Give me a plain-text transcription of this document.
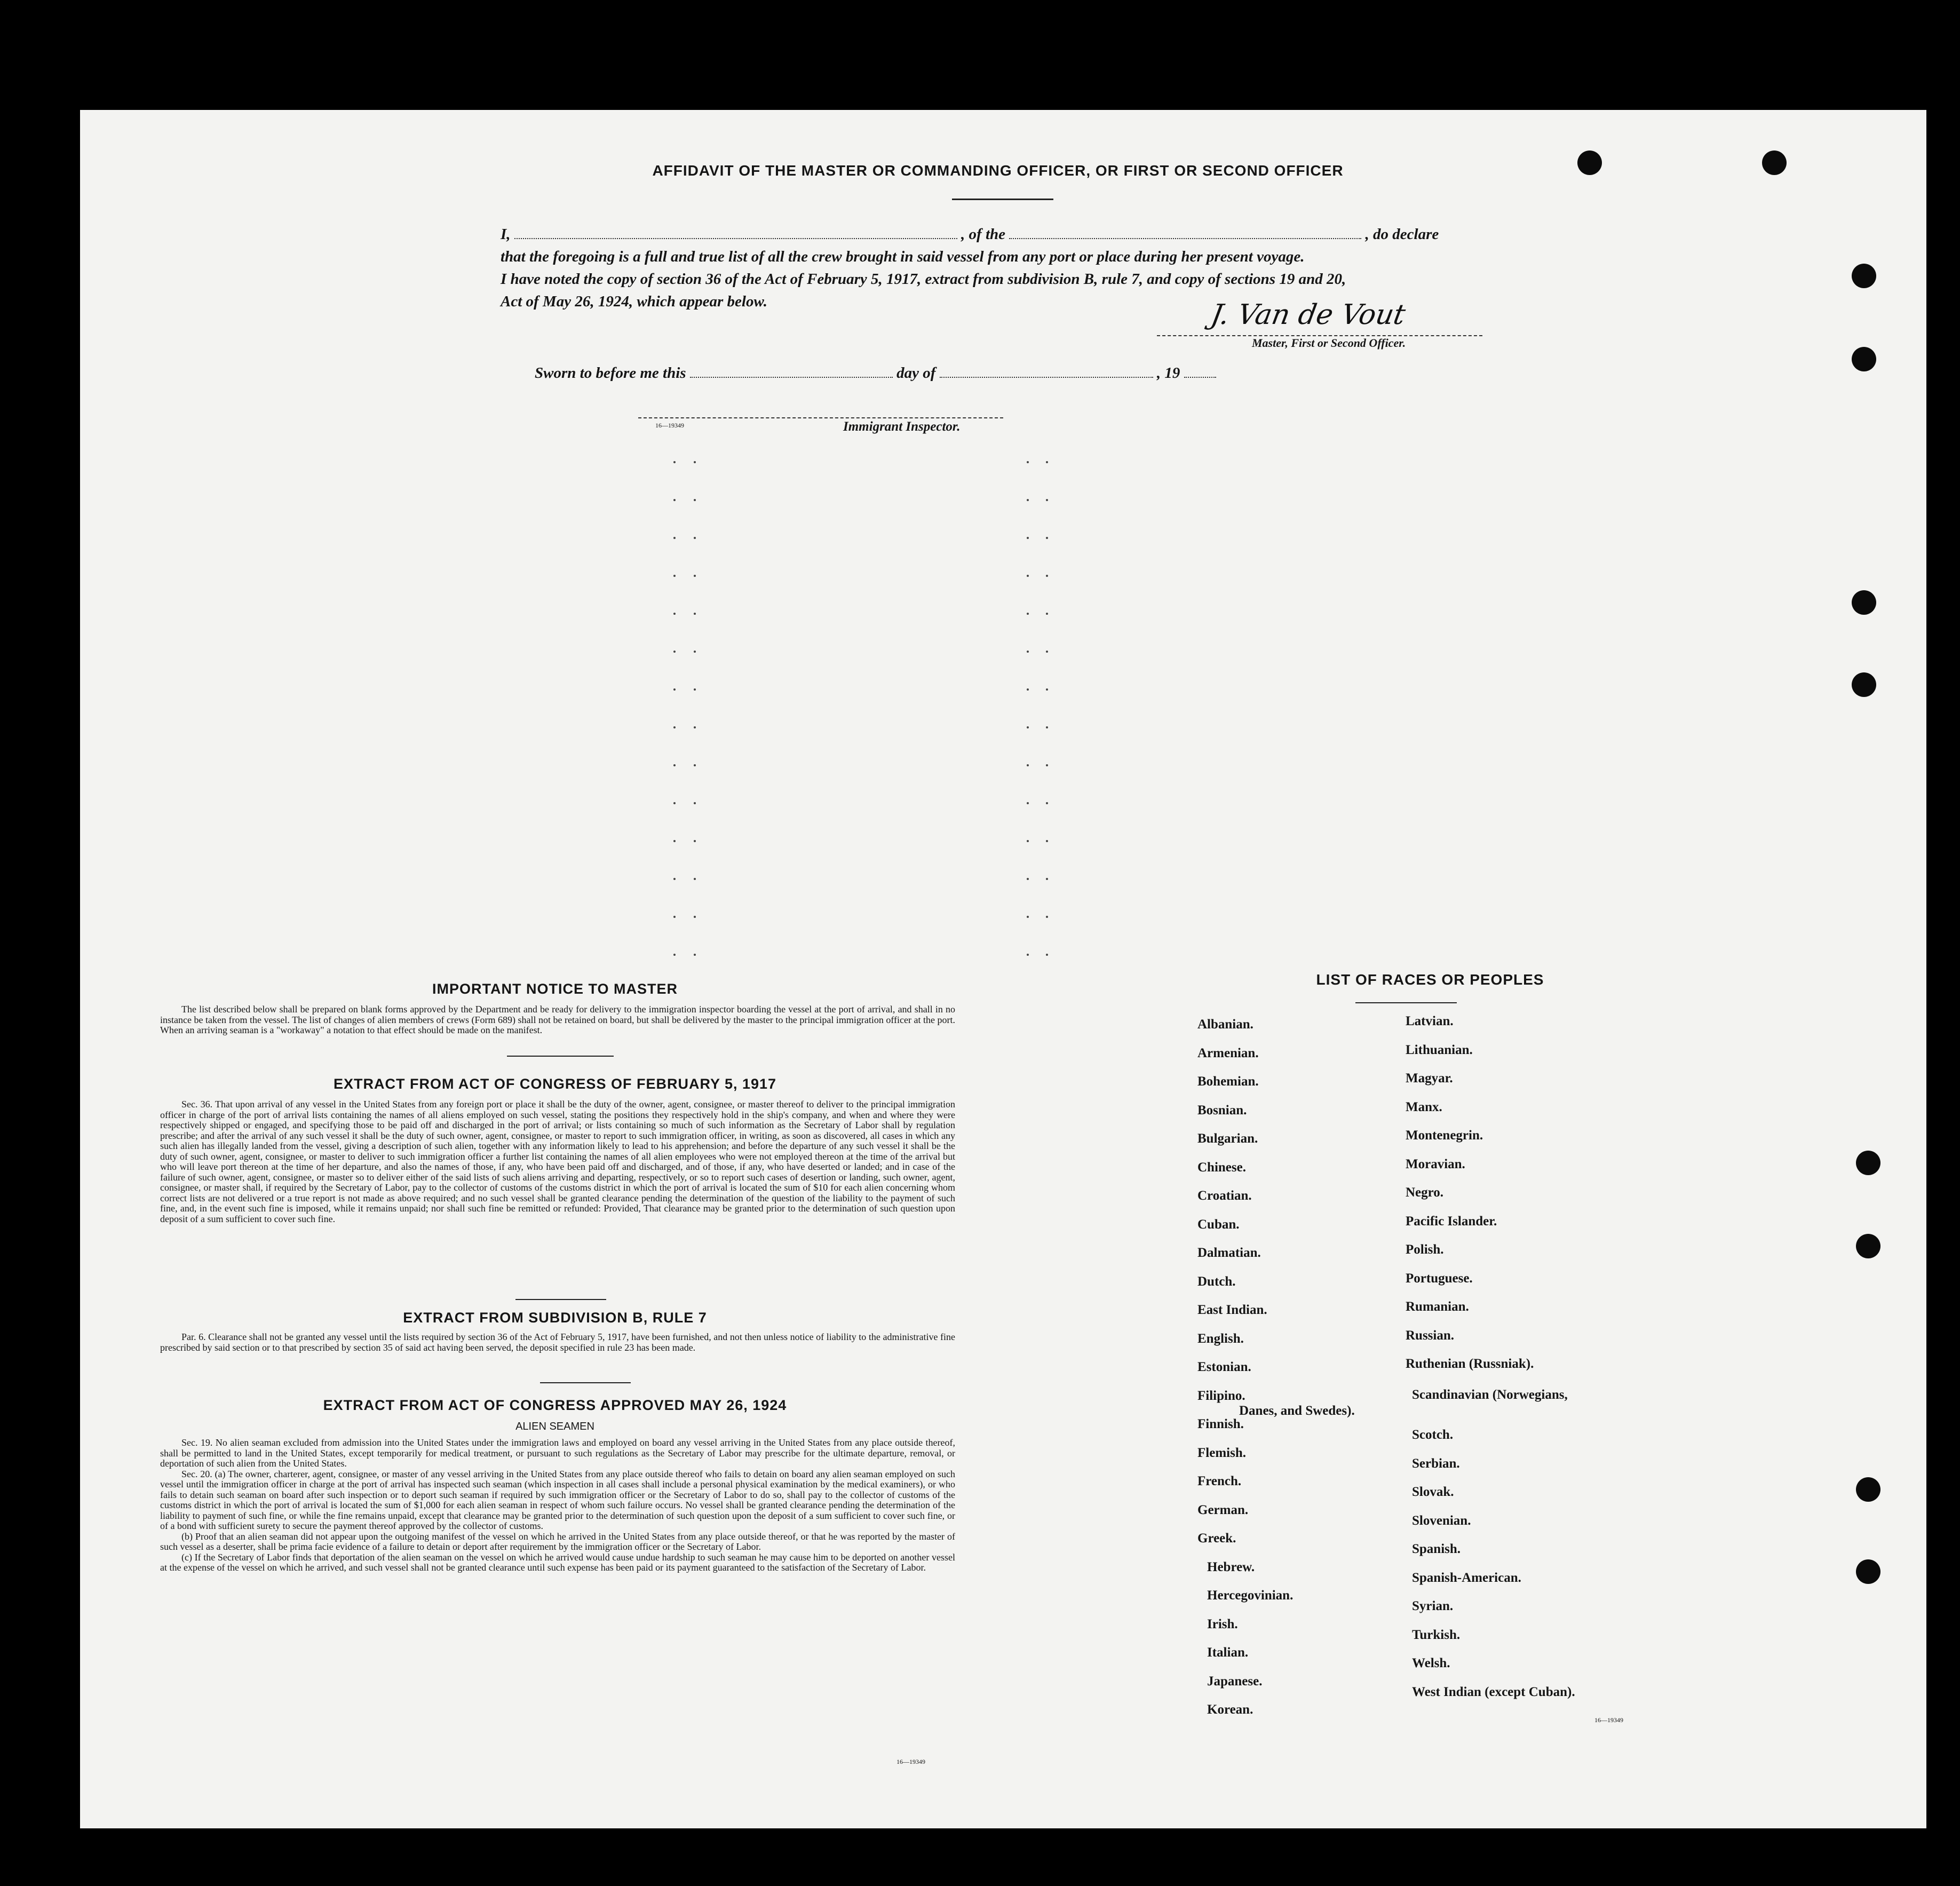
AFFIDAVIT OF THE MASTER OR COMMANDING OFFICER, OR FIRST OR SECOND OFFICER
I,	, of the	, do declare
that the foregoing is a full and true list of all the crew brought in said vessel from any port or place during her present voyage.
I have noted the copy of section 36 of the Act of February 5, 1917, extract from subdivision B, rule 7, and copy of sections 19 and 20,
Act of May 26, 1924, which appear below.	J. Van de Vout
Master, First or Second Officer.
Sworn to before me this	day of	, 19
16—19349	Immigrant Inspector.
IMPORTANT NOTICE TO MASTER

The list described below shall be prepared on blank forms approved by the Department and be ready for delivery to the immigration inspector boarding the vessel at the port of arrival, and shall in no instance be taken from the vessel. The list of changes of alien members of crews (Form 689) shall not be retained on board, but shall be delivered by the master to the principal immigration officer at the port. When an arriving seaman is a "workaway" a notation to that effect should be made on the manifest.

EXTRACT FROM ACT OF CONGRESS OF FEBRUARY 5, 1917

Sec. 36. That upon arrival of any vessel in the United States from any foreign port or place it shall be the duty of the owner, agent, consignee, or master thereof to deliver to the principal immigration officer in charge of the port of arrival lists containing the names of all aliens employed on such vessel, stating the positions they respectively hold in the ship's company, and when and where they were respectively shipped or engaged, and specifying those to be paid off and discharged in the port of arrival; or lists containing so much of such information as the Secretary of Labor shall by regulation prescribe; and after the arrival of any such vessel it shall be the duty of such owner, agent, consignee, or master to report to such immigration officer, in writing, as soon as discovered, all cases in which any such alien has illegally landed from the vessel, giving a description of such alien, together with any information likely to lead to his apprehension; and before the departure of any such vessel it shall be the duty of such owner, agent, consignee, or master to deliver to such immigration officer a further list containing the names of all alien employees who were not employed thereon at the time of the arrival but who will leave port thereon at the time of her departure, and also the names of those, if any, who have been paid off and discharged, and of those, if any, who have deserted or landed; and in case of the failure of such owner, agent, consignee, or master so to deliver either of the said lists of such aliens arriving and departing, respectively, or so to report such cases of desertion or landing, such owner, agent, consignee, or master shall, if required by the Secretary of Labor, pay to the collector of customs of the customs district in which the port of arrival is located the sum of $10 for each alien concerning whom correct lists are not delivered or a true report is not made as above required; and no such vessel shall be granted clearance pending the determination of the question of the liability to the payment of such fine, and, in the event such fine is imposed, while it remains unpaid; nor shall such fine be remitted or refunded: Provided, That clearance may be granted prior to the determination of such question upon deposit of a sum sufficient to cover such fine.

EXTRACT FROM SUBDIVISION B, RULE 7

Par. 6. Clearance shall not be granted any vessel until the lists required by section 36 of the Act of February 5, 1917, have been furnished, and not then unless notice of liability to the administrative fine prescribed by said section or to that prescribed by section 35 of said act having been served, the deposit specified in rule 23 has been made.

EXTRACT FROM ACT OF CONGRESS APPROVED MAY 26, 1924
ALIEN SEAMEN

Sec. 19. No alien seaman excluded from admission into the United States under the immigration laws and employed on board any vessel arriving in the United States from any place outside thereof, shall be permitted to land in the United States, except temporarily for medical treatment, or pursuant to such regulations as the Secretary of Labor may prescribe for the ultimate departure, removal, or deportation of such alien from the United States.

Sec. 20. (a) The owner, charterer, agent, consignee, or master of any vessel arriving in the United States from any place outside thereof who fails to detain on board any alien seaman employed on such vessel until the immigration officer in charge at the port of arrival has inspected such seaman (which inspection in all cases shall include a personal physical examination by the medical examiners), or who fails to detain such seaman on board after such inspection or to deport such seaman if required by such immigration officer or the Secretary of Labor to do so, shall pay to the collector of customs of the customs district in which the port of arrival is located the sum of $1,000 for each alien seaman in respect of whom such failure occurs. No vessel shall be granted clearance pending the determination of the liability to payment of such fine, or while the fine remains unpaid, except that clearance may be granted prior to the determination of such question upon the deposit of a sum sufficient to cover such fine, or of a bond with sufficient surety to secure the payment thereof approved by the collector of customs.

(b) Proof that an alien seaman did not appear upon the outgoing manifest of the vessel on which he arrived in the United States from any place outside thereof, or that he was reported by the master of such vessel as a deserter, shall be prima facie evidence of a failure to detain or deport after requirement by the immigration officer or the Secretary of Labor.

(c) If the Secretary of Labor finds that deportation of the alien seaman on the vessel on which he arrived would cause undue hardship to such seaman he may cause him to be deported on another vessel at the expense of the vessel on which he arrived, and such vessel shall not be granted clearance until such expense has been paid or its payment guaranteed to the satisfaction of the Secretary of Labor.

16—19349
LIST OF RACES OR PEOPLES
Albanian.
Armenian.
Bohemian.
Bosnian.
Bulgarian.
Chinese.
Croatian.
Cuban.
Dalmatian.
Dutch.
East Indian.
English.
Estonian.
Filipino.
Finnish.
Flemish.
French.
German.
Greek.
Hebrew.
Hercegovinian.
Irish.
Italian.
Japanese.
Korean.
Latvian.
Lithuanian.
Magyar.
Manx.
Montenegrin.
Moravian.
Negro.
Pacific Islander.
Polish.
Portuguese.
Rumanian.
Russian.
Ruthenian (Russniak).
Scandinavian (Norwegians,
Danes, and Swedes).
Scotch.
Serbian.
Slovak.
Slovenian.
Spanish.
Spanish-American.
Syrian.
Turkish.
Welsh.
West Indian (except Cuban).
16—19349
